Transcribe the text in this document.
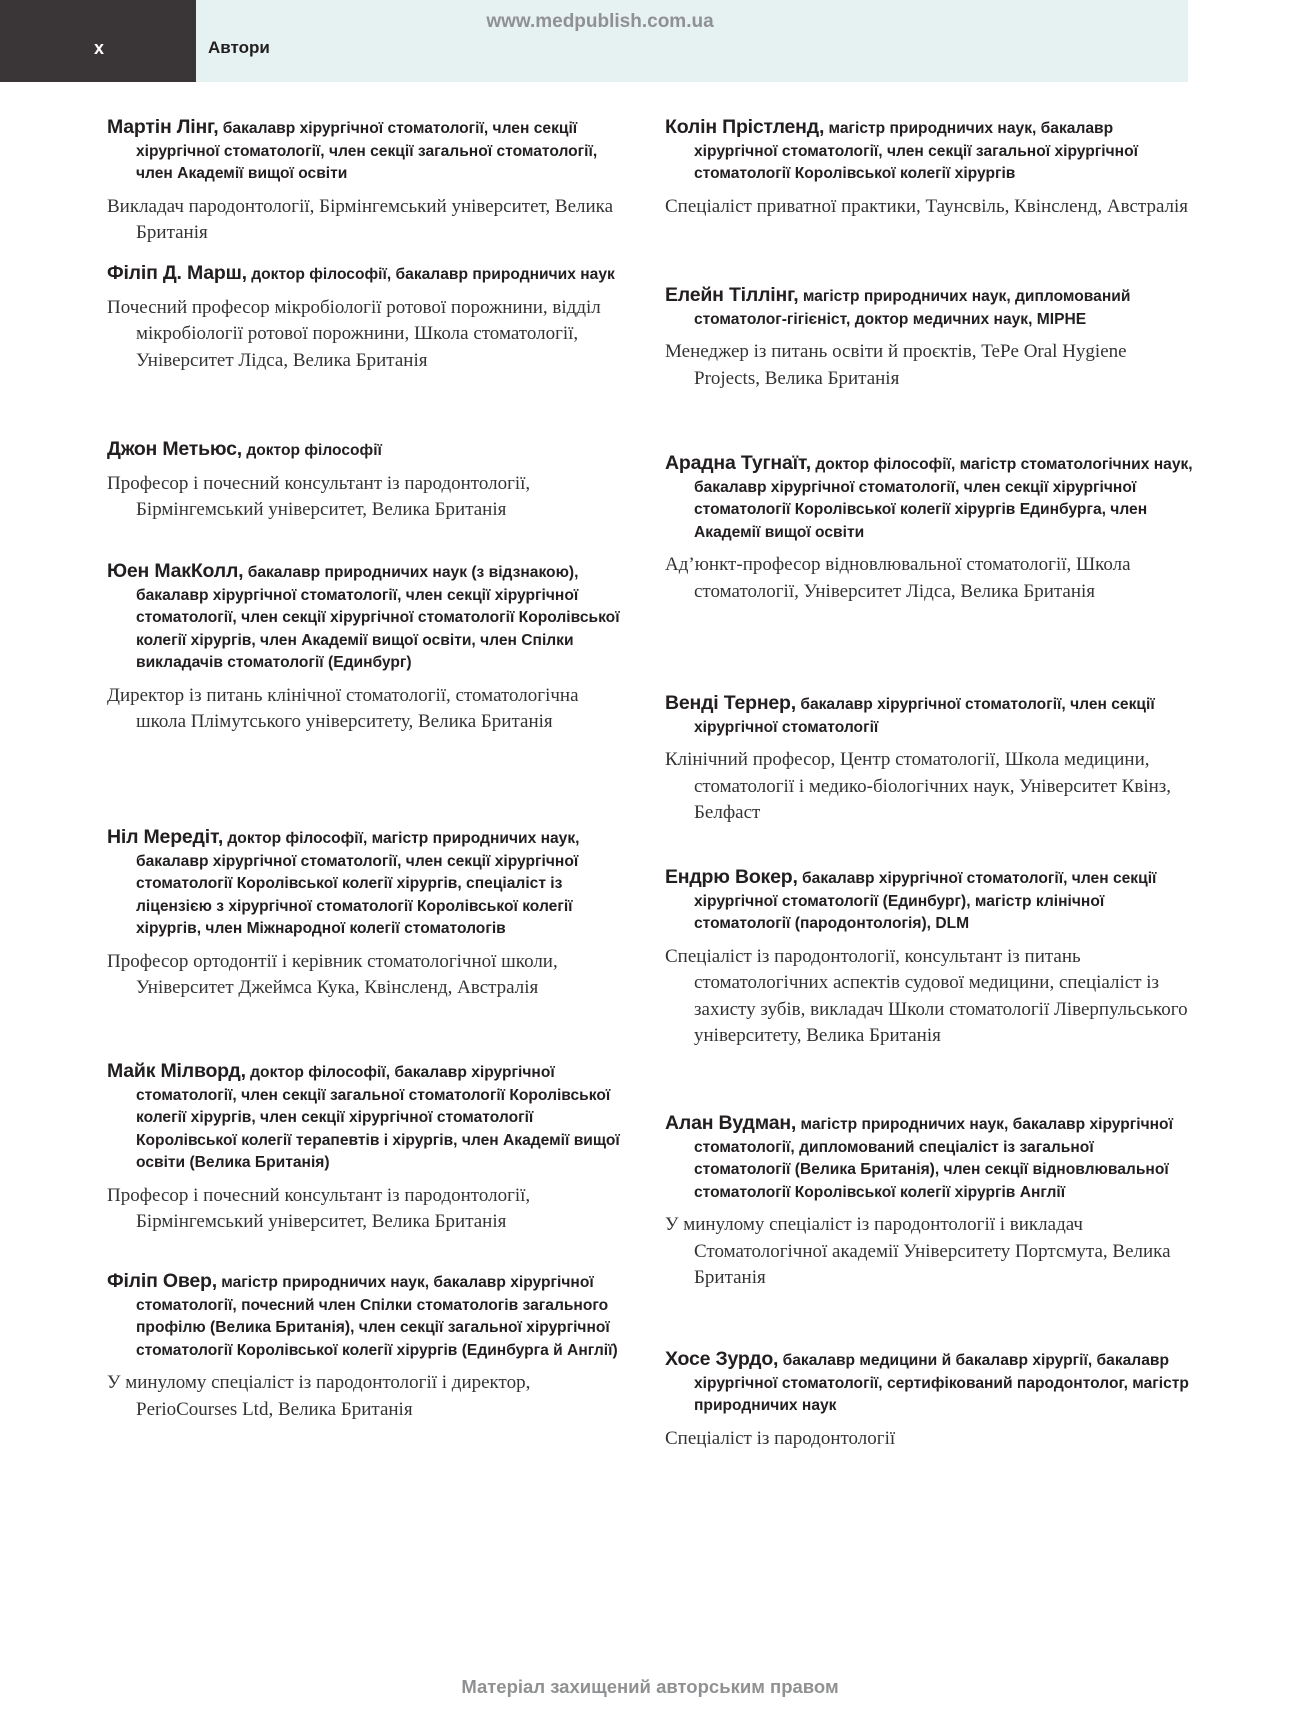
x	Автори
www.medpublish.com.ua

Мартін Лінг, бакалавр хірургічної стоматології, член секції хірургічної стоматології, член секції загальної стоматології, член Академії вищої освіти

Викладач пародонтології, Бірмінгемський університет, Велика Британія

Філіп Д. Марш, доктор філософії, бакалавр природничих наук

Почесний професор мікробіології ротової порожнини, відділ мікробіології ротової порожнини, Школа стоматології, Університет Лідса, Велика Британія

Джон Метьюс, доктор філософії

Професор і почесний консультант із пародонтології, Бірмінгемський університет, Велика Британія

Юен МакКолл, бакалавр природничих наук (з відзнакою), бакалавр хірургічної стоматології, член секції хірургічної стоматології, член секції хірургічної стоматології Королівської колегії хірургів, член Академії вищої освіти, член Спілки викладачів стоматології (Единбург)

Директор із питань клінічної стоматології, стоматологічна школа Плімутського університету, Велика Британія

Ніл Мередіт, доктор філософії, магістр природничих наук, бакалавр хірургічної стоматології, член секції хірургічної стоматології Королівської колегії хірургів, спеціаліст із ліцензією з хірургічної стоматології Королівської колегії хірургів, член Міжнародної колегії стоматологів

Професор ортодонтії і керівник стоматологічної школи, Університет Джеймса Кука, Квінсленд, Австралія

Майк Мілворд, доктор філософії, бакалавр хірургічної стоматології, член секції загальної стоматології Королівської колегії хірургів, член секції хірургічної стоматології Королівської колегії терапевтів і хірургів, член Академії вищої освіти (Велика Британія)

Професор і почесний консультант із пародонтології, Бірмінгемський університет, Велика Британія

Філіп Овер, магістр природничих наук, бакалавр хірургічної стоматології, почесний член Спілки стоматологів загального профілю (Велика Британія), член секції загальної хірургічної стоматології Королівської колегії хірургів (Единбурга й Англії)

У минулому спеціаліст із пародонтології і директор, PerioCourses Ltd, Велика Британія

Колін Прістленд, магістр природничих наук, бакалавр хірургічної стоматології, член секції загальної хірургічної стоматології Королівської колегії хірургів

Спеціаліст приватної практики, Таунсвіль, Квінсленд, Австралія

Елейн Тіллінг, магістр природничих наук, дипломований стоматолог-гігієніст, доктор медичних наук, MIPHE

Менеджер із питань освіти й проєктів, TePe Oral Hygiene Projects, Велика Британія

Арадна Тугнаїт, доктор філософії, магістр стоматологічних наук, бакалавр хірургічної стоматології, член секції хірургічної стоматології Королівської колегії хірургів Единбурга, член Академії вищої освіти

Ад’юнкт-професор відновлювальної стоматології, Школа стоматології, Університет Лідса, Велика Британія

Венді Тернер, бакалавр хірургічної стоматології, член секції хірургічної стоматології

Клінічний професор, Центр стоматології, Школа медицини, стоматології і медико-біологічних наук, Університет Квінз, Белфаст

Ендрю Вокер, бакалавр хірургічної стоматології, член секції хірургічної стоматології (Единбург), магістр клінічної стоматології (пародонтологія), DLM

Спеціаліст із пародонтології, консультант із питань стоматологічних аспектів судової медицини, спеціаліст із захисту зубів, викладач Школи стоматології Ліверпульського університету, Велика Британія

Алан Вудман, магістр природничих наук, бакалавр хірургічної стоматології, дипломований спеціаліст із загальної стоматології (Велика Британія), член секції відновлювальної стоматології Королівської колегії хірургів Англії

У минулому спеціаліст із пародонтології і викладач Стоматологічної академії Університету Портсмута, Велика Британія

Хосе Зурдо, бакалавр медицини й бакалавр хірургії, бакалавр хірургічної стоматології, сертифікований пародонтолог, магістр природничих наук

Спеціаліст із пародонтології

Матеріал захищений авторським правом
